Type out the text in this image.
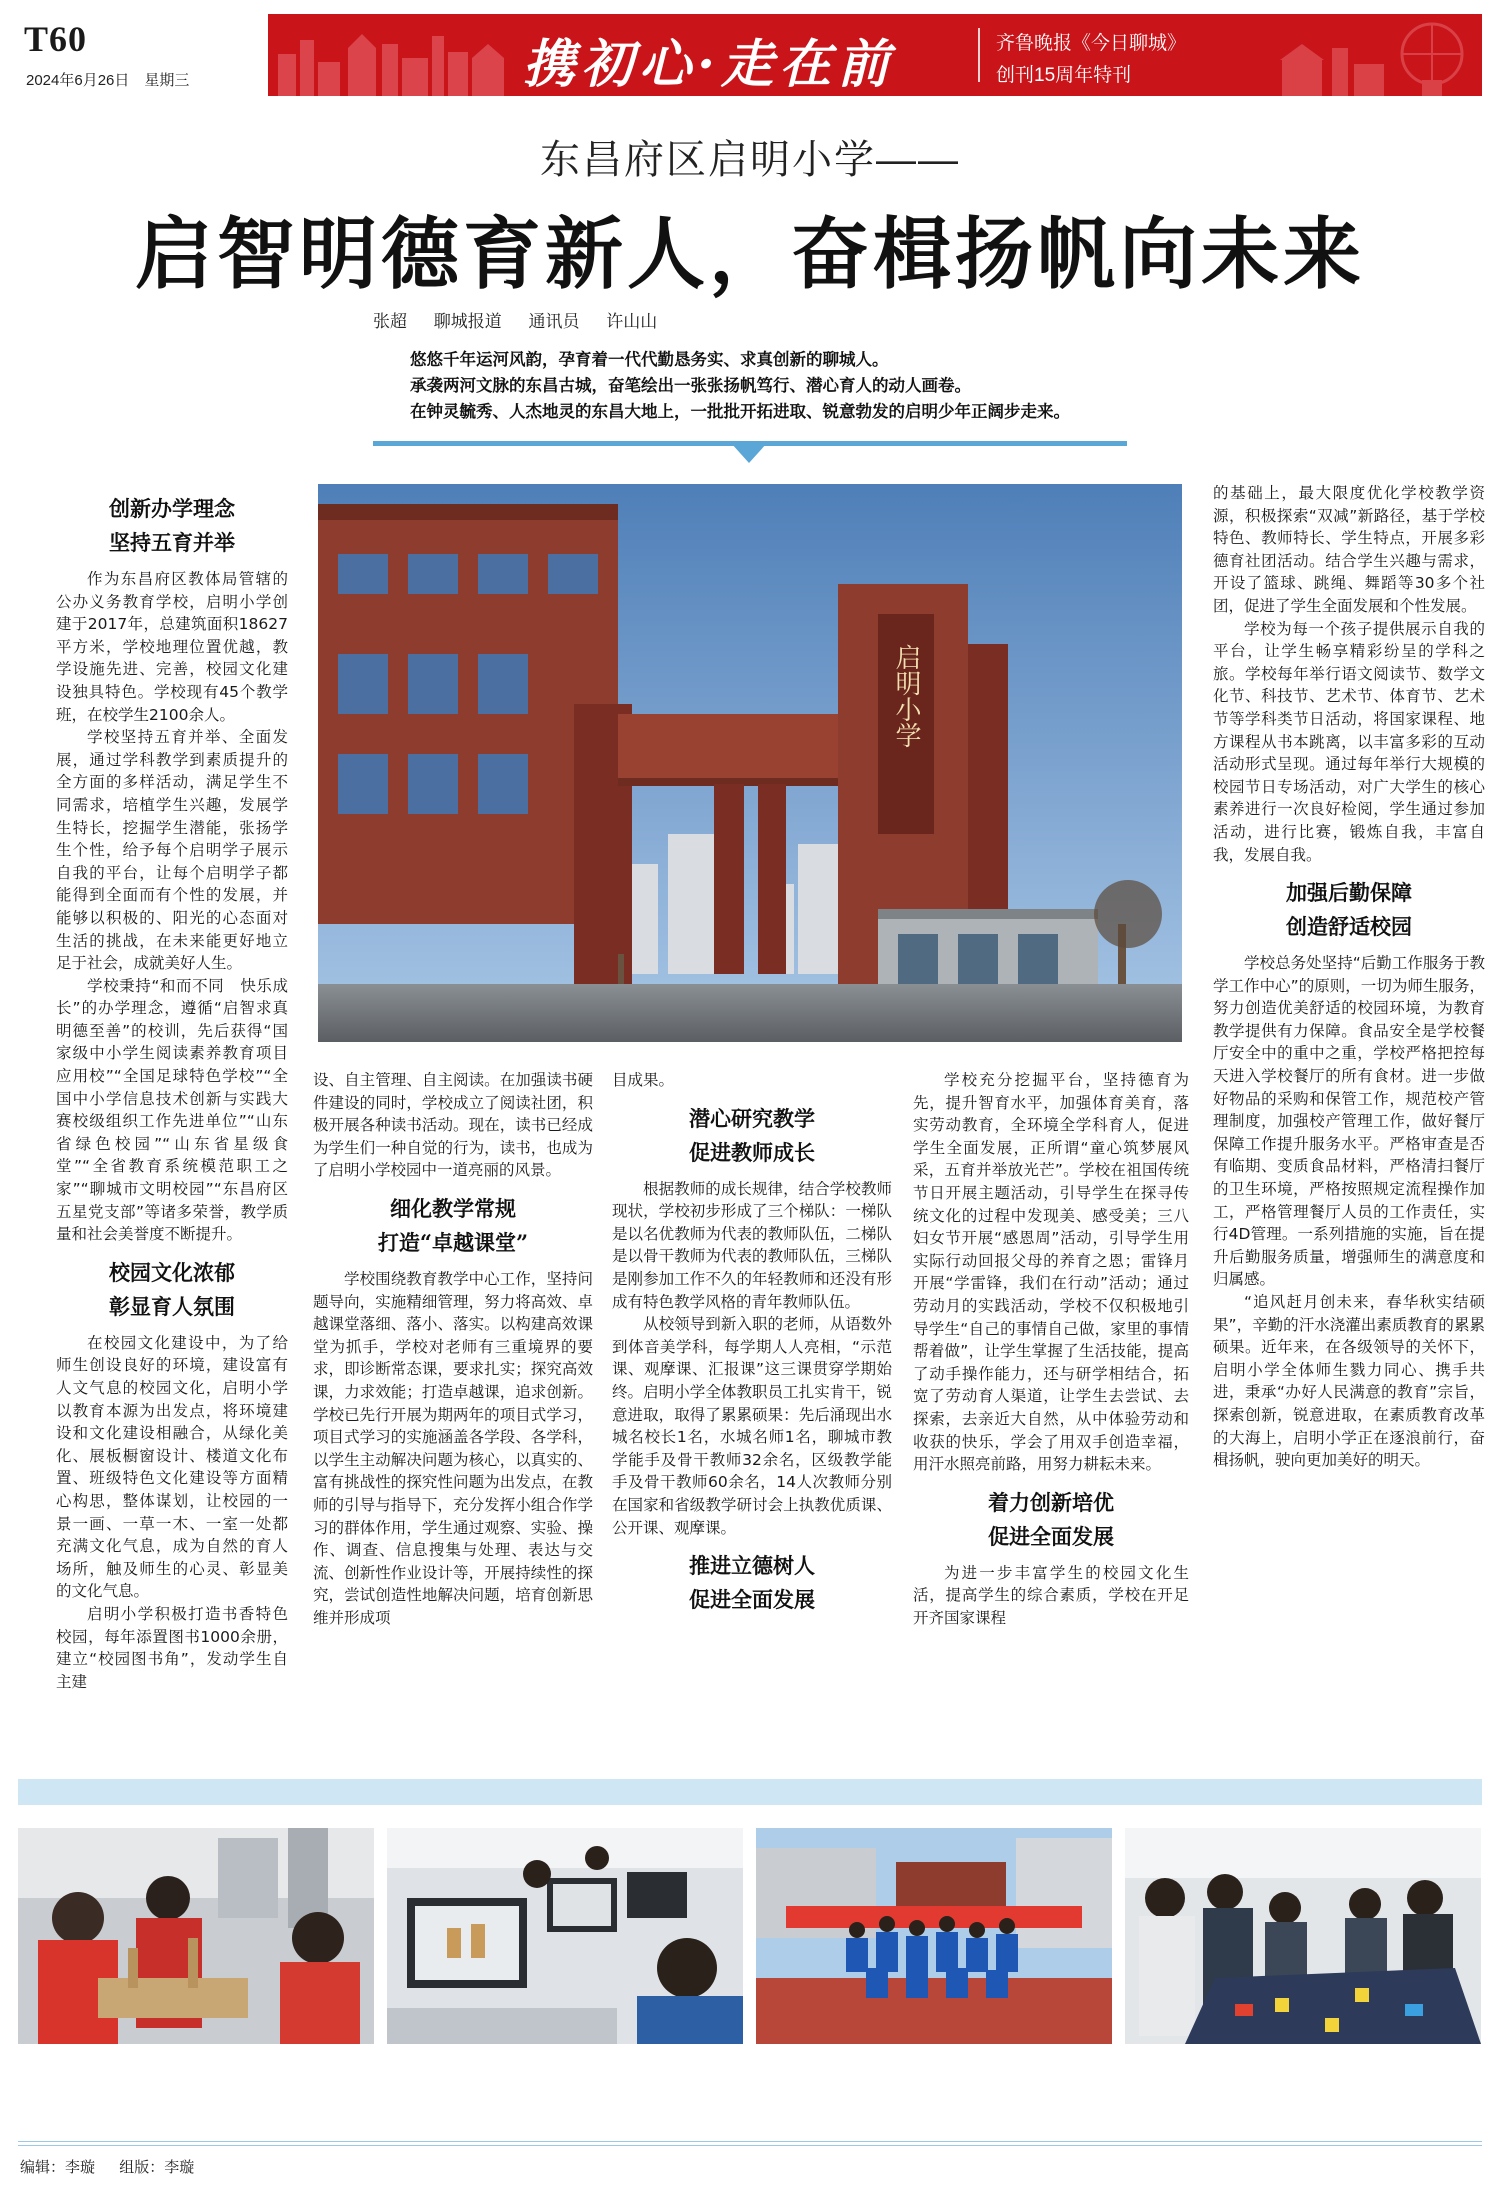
T60
2024年6月26日　星期三	携初心·走在前	齐鲁晚报《今日聊城》
创刊15周年特刊
东昌府区启明小学——
启智明德育新人，奋楫扬帆向未来
张超 聊城报道 通讯员 许山山

悠悠千年运河风韵，孕育着一代代勤恳务实、求真创新的聊城人。

承袭两河文脉的东昌古城，奋笔绘出一张张扬帆笃行、潜心育人的动人画卷。

在钟灵毓秀、人杰地灵的东昌大地上，一批批开拓进取、锐意勃发的启明少年正阔步走来。

创新办学理念
坚持五育并举

作为东昌府区教体局管辖的公办义务教育学校，启明小学创建于2017年，总建筑面积18627平方米，学校地理位置优越，教学设施先进、完善，校园文化建设独具特色。学校现有45个教学班，在校学生2100余人。

学校坚持五育并举、全面发展，通过学科教学到素质提升的全方面的多样活动，满足学生不同需求，培植学生兴趣，发展学生特长，挖掘学生潜能，张扬学生个性，给予每个启明学子展示自我的平台，让每个启明学子都能得到全面而有个性的发展，并能够以积极的、阳光的心态面对生活的挑战，在未来能更好地立足于社会，成就美好人生。

学校秉持“和而不同　快乐成长”的办学理念，遵循“启智求真　明德至善”的校训，先后获得“国家级中小学生阅读素养教育项目应用校”“全国足球特色学校”“全国中小学信息技术创新与实践大赛校级组织工作先进单位”“山东省绿色校园”“山东省星级食堂”“全省教育系统模范职工之家”“聊城市文明校园”“东昌府区五星党支部”等诸多荣誉，教学质量和社会美誉度不断提升。

校园文化浓郁
彰显育人氛围

在校园文化建设中，为了给师生创设良好的环境，建设富有人文气息的校园文化，启明小学以教育本源为出发点，将环境建设和文化建设相融合，从绿化美化、展板橱窗设计、楼道文化布置、班级特色文化建设等方面精心构思，整体谋划，让校园的一景一画、一草一木、一室一处都充满文化气息，成为自然的育人场所，触及师生的心灵、彰显美的文化气息。

启明小学积极打造书香特色校园，每年添置图书1000余册，建立“校园图书角”，发动学生自主建

启明小学

设、自主管理、自主阅读。在加强读书硬件建设的同时，学校成立了阅读社团，积极开展各种读书活动。现在，读书已经成为学生们一种自觉的行为，读书，也成为了启明小学校园中一道亮丽的风景。

细化教学常规
打造“卓越课堂”

学校围绕教育教学中心工作，坚持问题导向，实施精细管理，努力将高效、卓越课堂落细、落小、落实。以构建高效课堂为抓手，学校对老师有三重境界的要求，即诊断常态课，要求扎实；探究高效课，力求效能；打造卓越课，追求创新。学校已先行开展为期两年的项目式学习，项目式学习的实施涵盖各学段、各学科，以学生主动解决问题为核心，以真实的、富有挑战性的探究性问题为出发点，在教师的引导与指导下，充分发挥小组合作学习的群体作用，学生通过观察、实验、操作、调查、信息搜集与处理、表达与交流、创新性作业设计等，开展持续性的探究，尝试创造性地解决问题，培育创新思维并形成项

目成果。

潜心研究教学
促进教师成长

根据教师的成长规律，结合学校教师现状，学校初步形成了三个梯队：一梯队是以名优教师为代表的教师队伍，二梯队是以骨干教师为代表的教师队伍，三梯队是刚参加工作不久的年轻教师和还没有形成有特色教学风格的青年教师队伍。

从校领导到新入职的老师，从语数外到体音美学科，每学期人人亮相，“示范课、观摩课、汇报课”这三课贯穿学期始终。启明小学全体教职员工扎实肯干，锐意进取，取得了累累硕果：先后涌现出水城名校长1名，水城名师1名，聊城市教学能手及骨干教师32余名，区级教学能手及骨干教师60余名，14人次教师分别在国家和省级教学研讨会上执教优质课、公开课、观摩课。

推进立德树人
促进全面发展

学校充分挖掘平台，坚持德育为先，提升智育水平，加强体育美育，落实劳动教育，全环境全学科育人，促进学生全面发展，正所谓“童心筑梦展风采，五育并举放光芒”。学校在祖国传统节日开展主题活动，引导学生在探寻传统文化的过程中发现美、感受美；三八妇女节开展“感恩周”活动，引导学生用实际行动回报父母的养育之恩；雷锋月开展“学雷锋，我们在行动”活动；通过劳动月的实践活动，学校不仅积极地引导学生“自己的事情自己做，家里的事情帮着做”，让学生掌握了生活技能，提高了动手操作能力，还与研学相结合，拓宽了劳动育人渠道，让学生去尝试、去探索，去亲近大自然，从中体验劳动和收获的快乐，学会了用双手创造幸福，用汗水照亮前路，用努力耕耘未来。

着力创新培优
促进全面发展

为进一步丰富学生的校园文化生活，提高学生的综合素质，学校在开足开齐国家课程

的基础上，最大限度优化学校教学资源，积极探索“双减”新路径，基于学校特色、教师特长、学生特点，开展多彩德育社团活动。结合学生兴趣与需求，开设了篮球、跳绳、舞蹈等30多个社团，促进了学生全面发展和个性发展。

学校为每一个孩子提供展示自我的平台，让学生畅享精彩纷呈的学科之旅。学校每年举行语文阅读节、数学文化节、科技节、艺术节、体育节、艺术节等学科类节日活动，将国家课程、地方课程从书本跳离，以丰富多彩的互动活动形式呈现。通过每年举行大规模的校园节日专场活动，对广大学生的核心素养进行一次良好检阅，学生通过参加活动，进行比赛，锻炼自我，丰富自我，发展自我。

加强后勤保障
创造舒适校园

学校总务处坚持“后勤工作服务于教学工作中心”的原则，一切为师生服务，努力创造优美舒适的校园环境，为教育教学提供有力保障。食品安全是学校餐厅安全中的重中之重，学校严格把控每天进入学校餐厅的所有食材。进一步做好物品的采购和保管工作，规范校产管理制度，加强校产管理工作，做好餐厅保障工作提升服务水平。严格审查是否有临期、变质食品材料，严格清扫餐厅的卫生环境，严格按照规定流程操作加工，严格管理餐厅人员的工作责任，实行4D管理。一系列措施的实施，旨在提升后勤服务质量，增强师生的满意度和归属感。

“追风赶月创未来，春华秋实结硕果”，辛勤的汗水浇灌出素质教育的累累硕果。近年来，在各级领导的关怀下，启明小学全体师生戮力同心、携手共进，秉承“办好人民满意的教育”宗旨，探索创新，锐意进取，在素质教育改革的大海上，启明小学正在逐浪前行，奋楫扬帆，驶向更加美好的明天。

编辑：李璇 组版：李璇
